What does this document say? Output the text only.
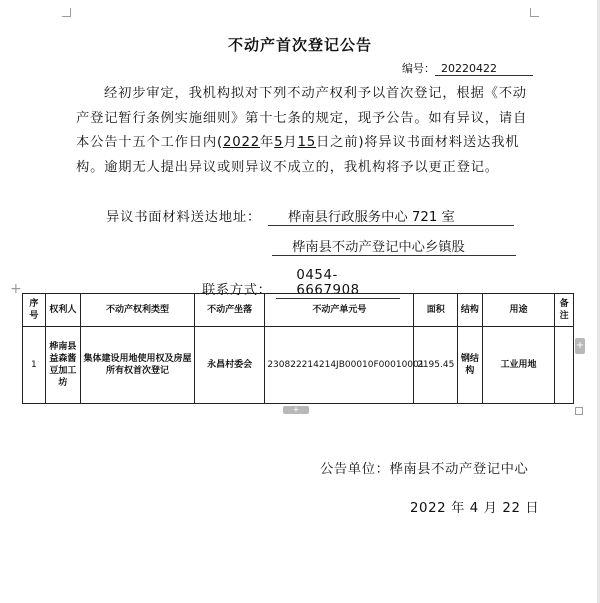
不动产首次登记公告
编号： 20220422
经初步审定，我机构拟对下列不动产权利予以首次登记，根据《不动产登记暂行条例实施细则》第十七条的规定，现予公告。如有异议，请自本公告十五个工作日内(2022年5月15日之前)将异议书面材料送达我机构。逾期无人提出异议或则异议不成立的，我机构将予以更正登记。
异议书面材料送达地址：	桦南县行政服务中心 721 室
桦南县不动产登记中心乡镇股
联系方式： 0454-6667908
+
序号	权利人	不动产权利类型	不动产坐落	不动产单元号	面积	结构	用途	备注
1	桦南县益森酱豆加工坊	集体建设用地使用权及房屋所有权首次登记	永昌村委会	230822214214JB00010F00010001	2195.45	钢结构	工业用地	
+
+
公告单位：桦南县不动产登记中心
2022 年 4 月 22 日
